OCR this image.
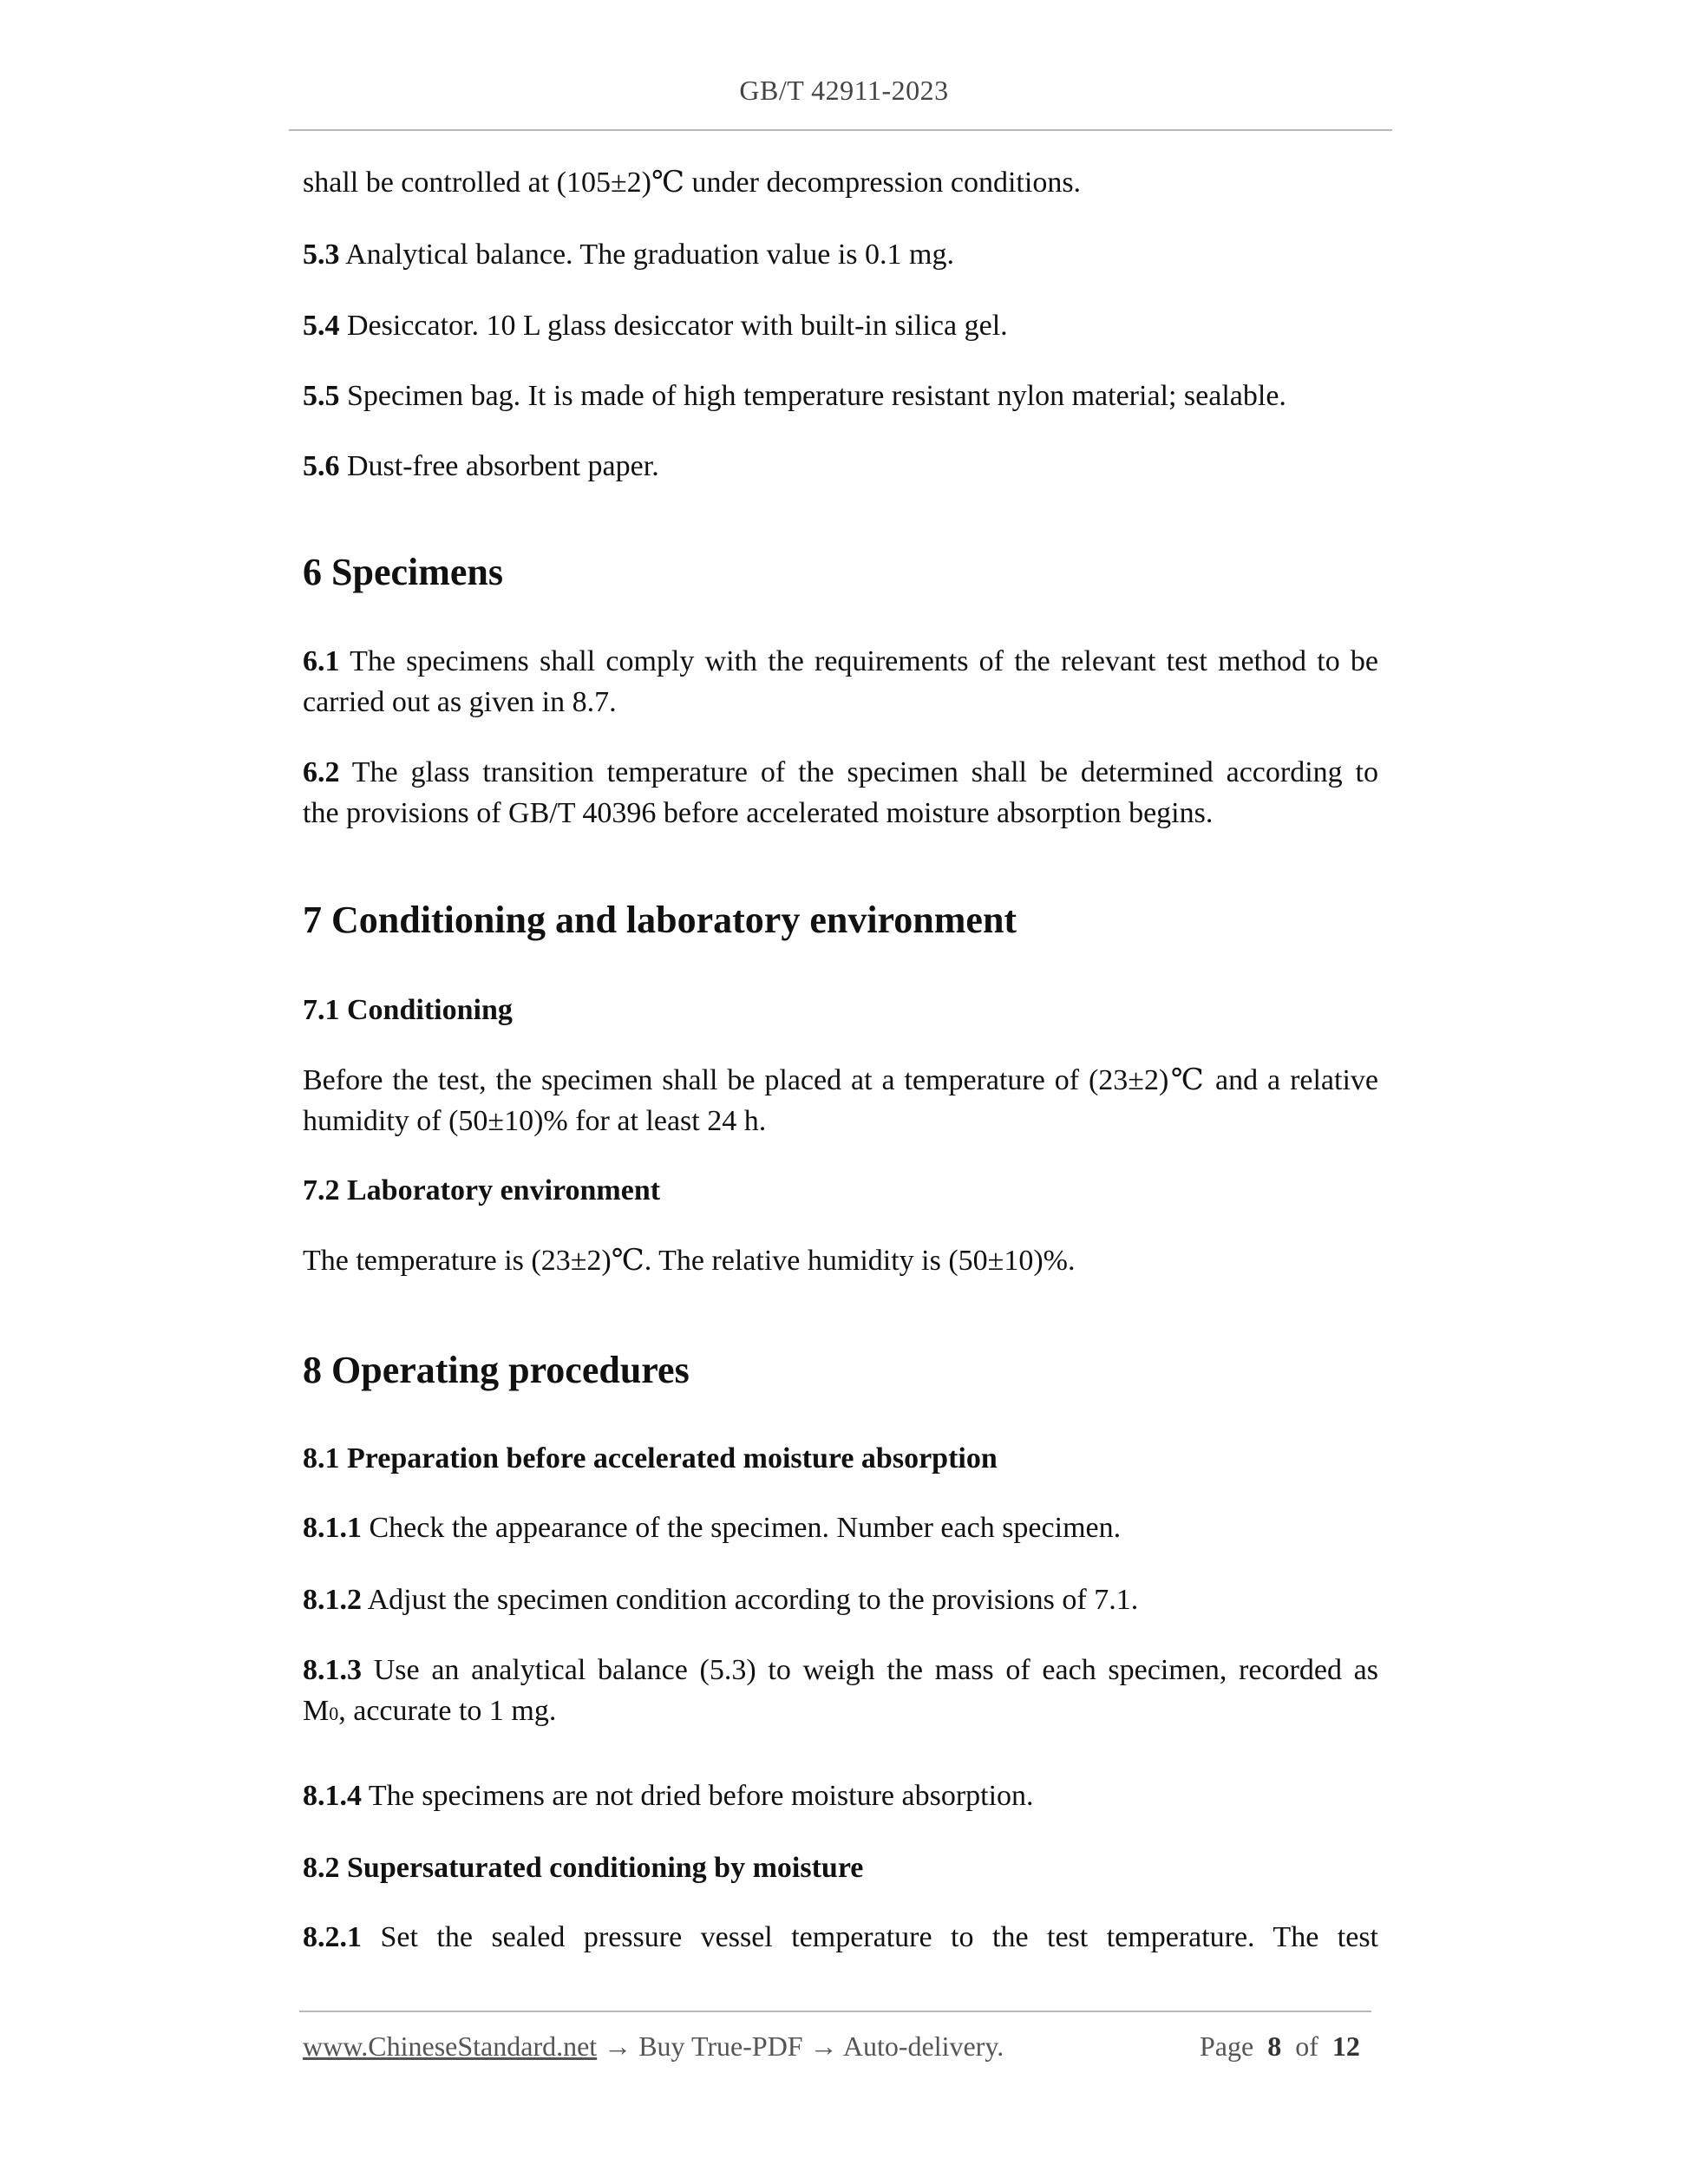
GB/T 42911-2023
shall be controlled at (105±2)℃ under decompression conditions.
5.3 Analytical balance. The graduation value is 0.1 mg.
5.4 Desiccator. 10 L glass desiccator with built-in silica gel.
5.5 Specimen bag. It is made of high temperature resistant nylon material; sealable.
5.6 Dust-free absorbent paper.
6 Specimens
6.1 The specimens shall comply with the requirements of the relevant test method to be
carried out as given in 8.7.
6.2 The glass transition temperature of the specimen shall be determined according to
the provisions of GB/T 40396 before accelerated moisture absorption begins.
7 Conditioning and laboratory environment
7.1 Conditioning
Before the test, the specimen shall be placed at a temperature of (23±2)℃ and a relative
humidity of (50±10)% for at least 24 h.
7.2 Laboratory environment
The temperature is (23±2)℃. The relative humidity is (50±10)%.
8 Operating procedures
8.1 Preparation before accelerated moisture absorption
8.1.1 Check the appearance of the specimen. Number each specimen.
8.1.2 Adjust the specimen condition according to the provisions of 7.1.
8.1.3 Use an analytical balance (5.3) to weigh the mass of each specimen, recorded as
M0, accurate to 1 mg.
8.1.4 The specimens are not dried before moisture absorption.
8.2 Supersaturated conditioning by moisture
8.2.1 Set the sealed pressure vessel temperature to the test temperature. The test
www.ChineseStandard.net → Buy True-PDF → Auto-delivery.	Page 8 of 12
